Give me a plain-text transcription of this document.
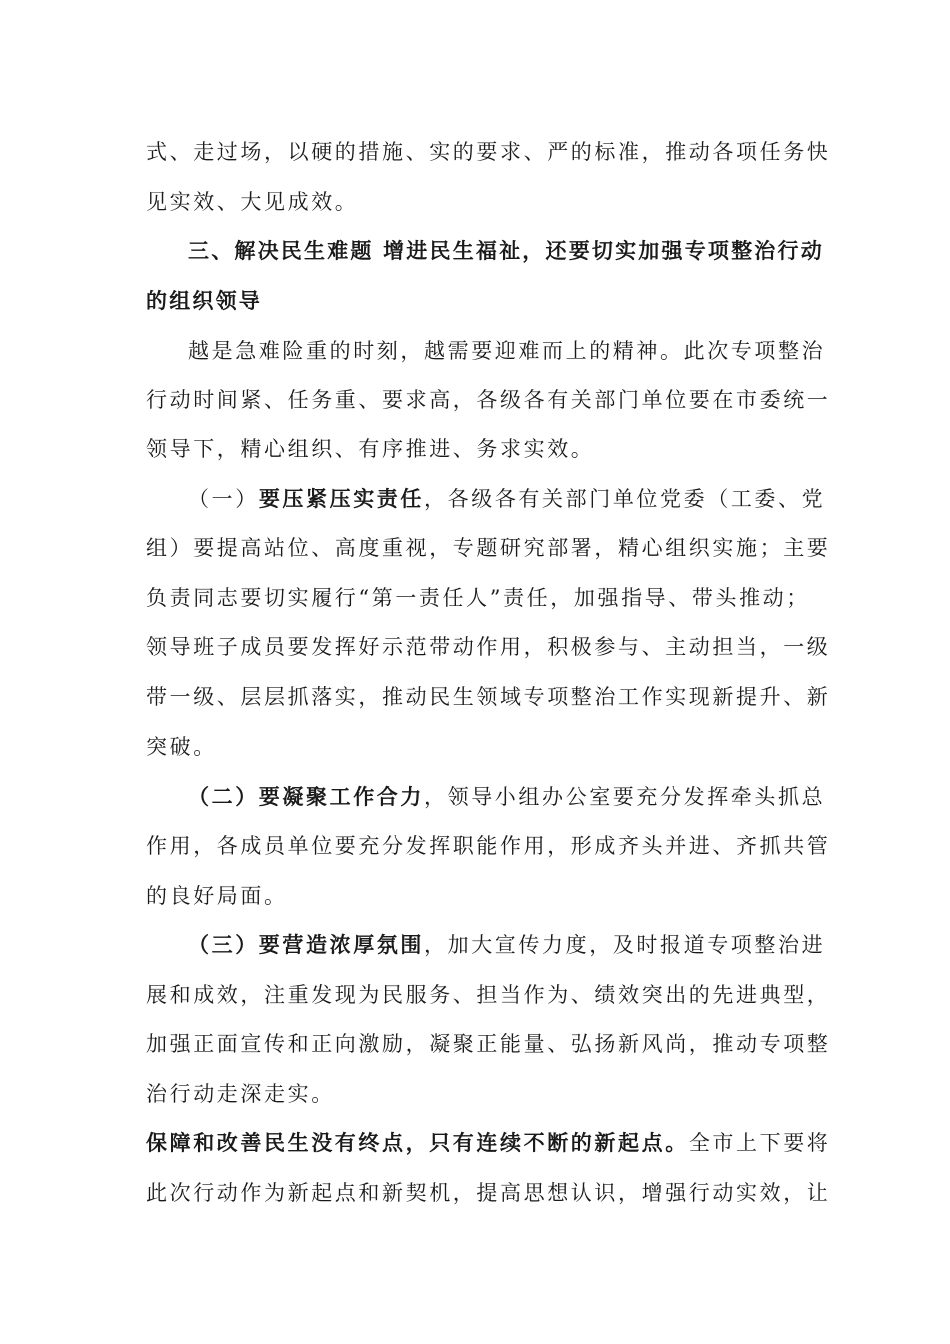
式、走过场，以硬的措施、实的要求、严的标准，推动各项任务快
见实效、大见成效。
三、解决民生难题 增进民生福祉，还要切实加强专项整治行动
的组织领导
越是急难险重的时刻，越需要迎难而上的精神。此次专项整治
行动时间紧、任务重、要求高，各级各有关部门单位要在市委统一
领导下，精心组织、有序推进、务求实效。
（一）要压紧压实责任，各级各有关部门单位党委（工委、党
组）要提高站位、高度重视，专题研究部署，精心组织实施；主要
负责同志要切实履行“第一责任人”责任，加强指导、带头推动；
领导班子成员要发挥好示范带动作用，积极参与、主动担当，一级
带一级、层层抓落实，推动民生领域专项整治工作实现新提升、新
突破。
（二）要凝聚工作合力，领导小组办公室要充分发挥牵头抓总
作用，各成员单位要充分发挥职能作用，形成齐头并进、齐抓共管
的良好局面。
（三）要营造浓厚氛围，加大宣传力度，及时报道专项整治进
展和成效，注重发现为民服务、担当作为、绩效突出的先进典型，
加强正面宣传和正向激励，凝聚正能量、弘扬新风尚，推动专项整
治行动走深走实。
保障和改善民生没有终点，只有连续不断的新起点。全市上下要将
此次行动作为新起点和新契机，提高思想认识，增强行动实效，让
